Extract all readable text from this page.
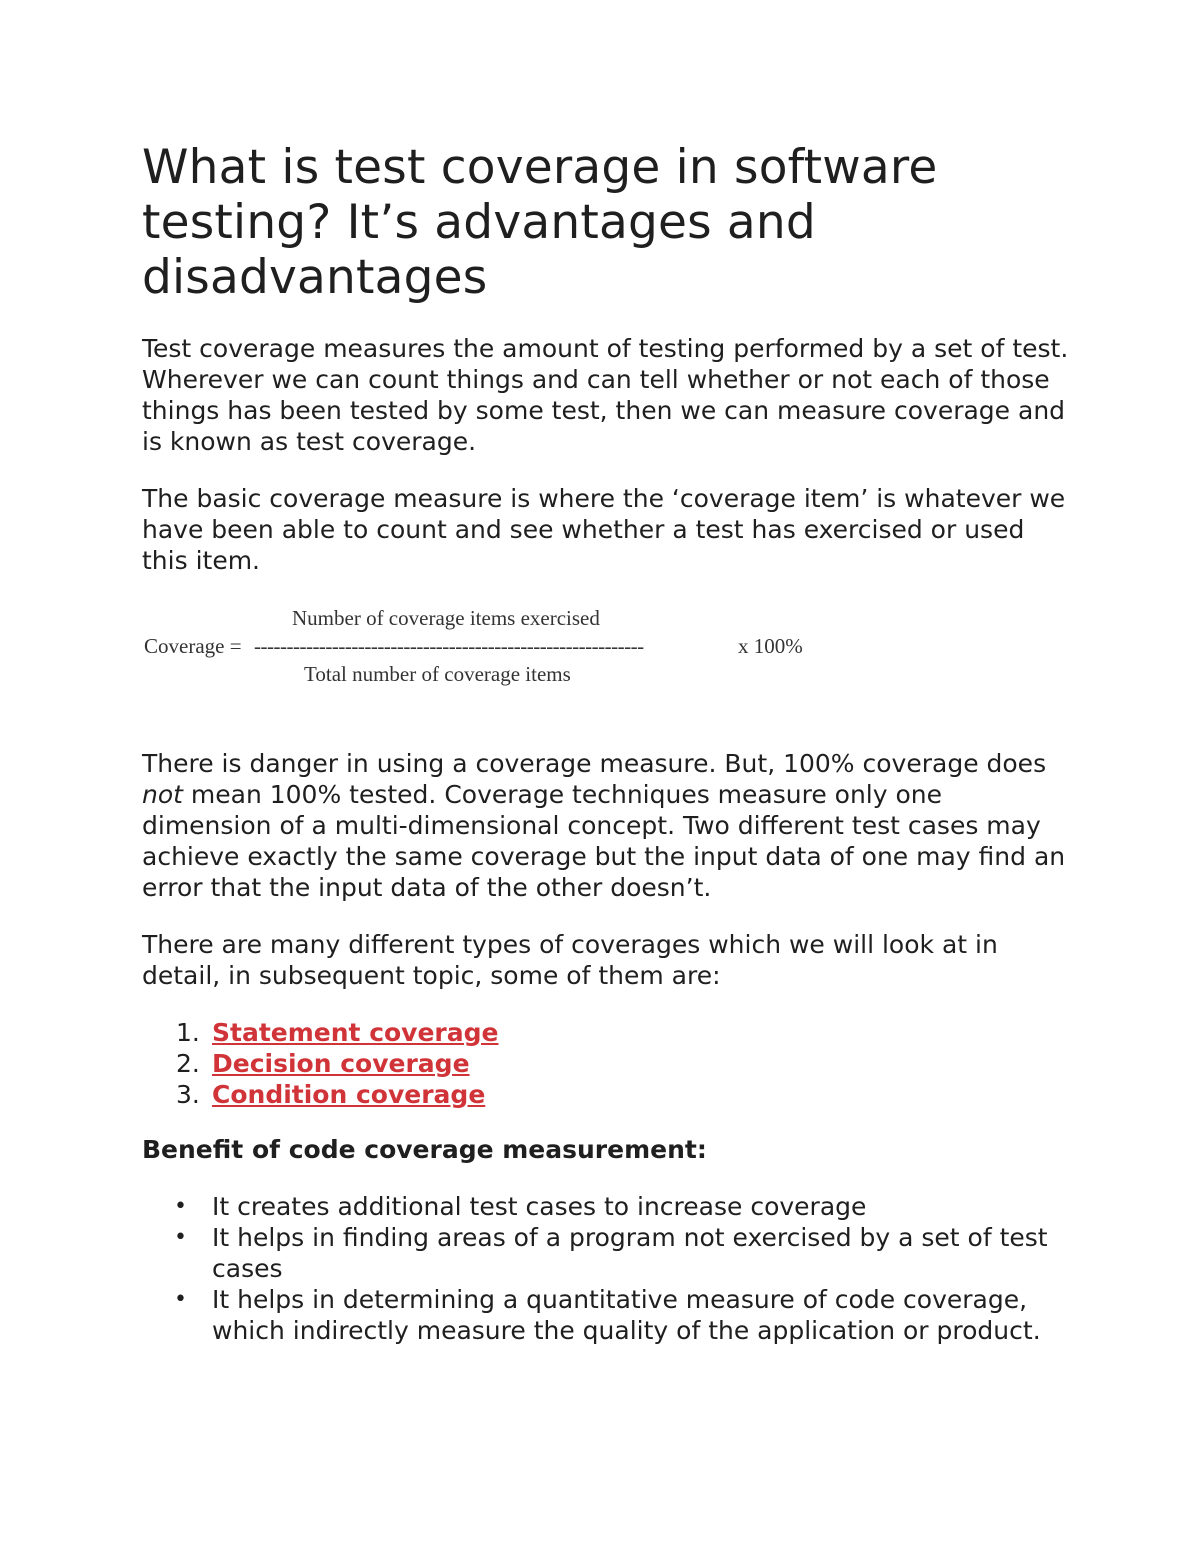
What is test coverage in software testing? It’s advantages and disadvantages

Test coverage measures the amount of testing performed by a set of test. Wherever we can count things and can tell whether or not each of those things has been tested by some test, then we can measure coverage and is known as test coverage.

The basic coverage measure is where the ‘coverage item’ is whatever we have been able to count and see whether a test has exercised or used this item.

Number of coverage items exercised
Coverage = ------------------------------------------------------------	x 100%
Total number of coverage items

There is danger in using a coverage measure. But, 100% coverage does not mean 100% tested. Coverage techniques measure only one dimension of a multi-dimensional concept. Two different test cases may achieve exactly the same coverage but the input data of one may find an error that the input data of the other doesn’t.

There are many different types of coverages which we will look at in detail, in subsequent topic, some of them are:

1. Statement coverage
2. Decision coverage
3. Condition coverage

Benefit of code coverage measurement:

• It creates additional test cases to increase coverage
• It helps in finding areas of a program not exercised by a set of test cases
• It helps in determining a quantitative measure of code coverage, which indirectly measure the quality of the application or product.
